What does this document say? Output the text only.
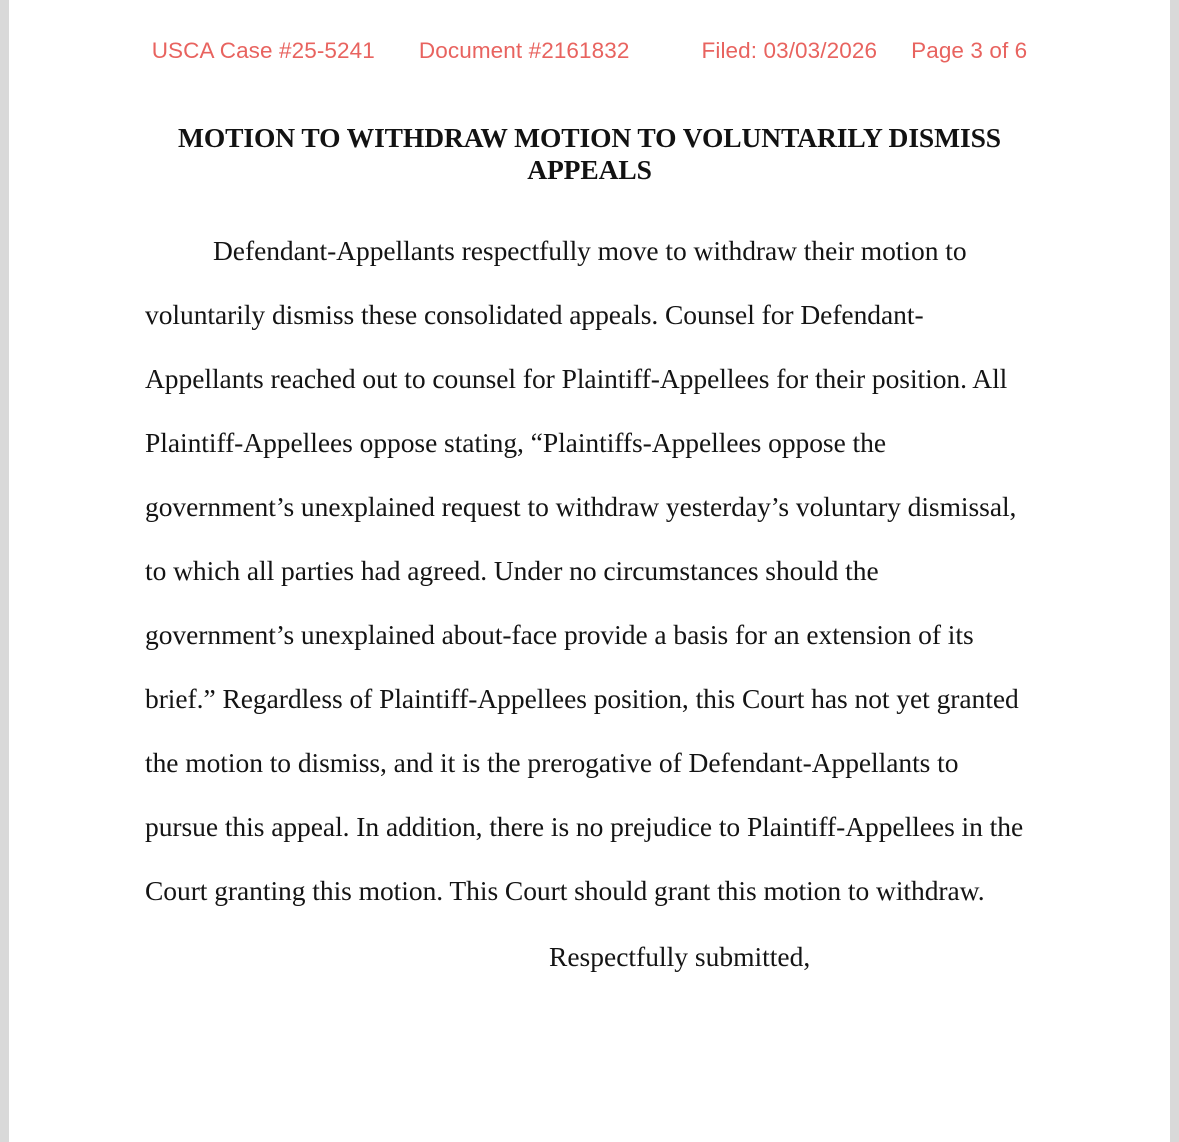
USCA Case #25-5241 Document #2161832	Filed: 03/03/2026 Page 3 of 6
MOTION TO WITHDRAW MOTION TO VOLUNTARILY DISMISS APPEALS

Defendant-Appellants respectfully move to withdraw their motion to voluntarily dismiss these consolidated appeals. Counsel for Defendant-Appellants reached out to counsel for Plaintiff-Appellees for their position. All Plaintiff-Appellees oppose stating, “Plaintiffs-Appellees oppose the government’s unexplained request to withdraw yesterday’s voluntary dismissal, to which all parties had agreed. Under no circumstances should the government’s unexplained about-face provide a basis for an extension of its brief.” Regardless of Plaintiff-Appellees position, this Court has not yet granted the motion to dismiss, and it is the prerogative of Defendant-Appellants to pursue this appeal. In addition, there is no prejudice to Plaintiff-Appellees in the Court granting this motion. This Court should grant this motion to withdraw.

Respectfully submitted,
